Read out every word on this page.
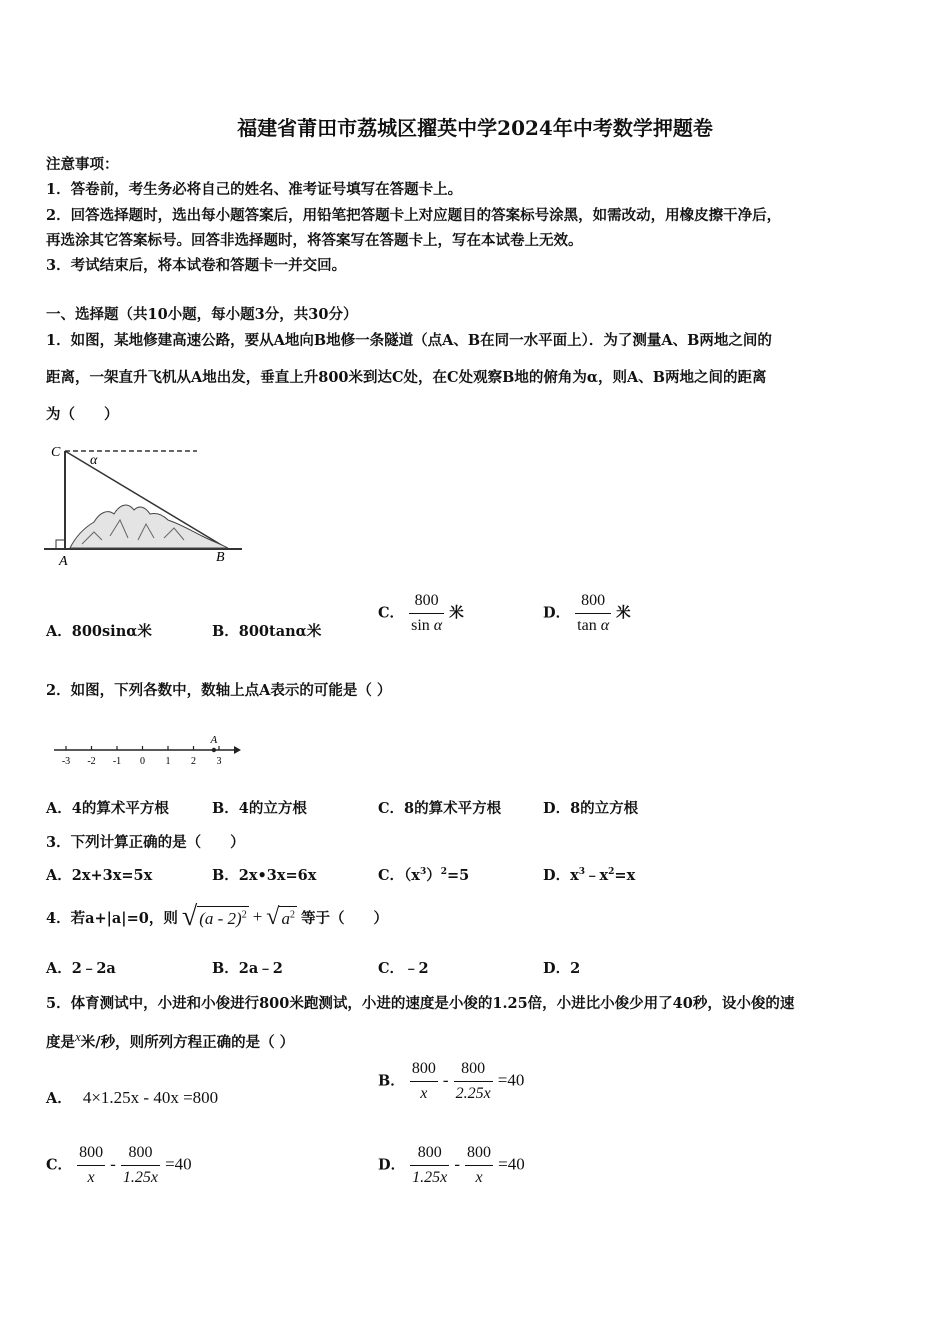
福建省莆田市荔城区擢英中学2024年中考数学押题卷
注意事项：
1．答卷前，考生务必将自己的姓名、准考证号填写在答题卡上。
2．回答选择题时，选出每小题答案后，用铅笔把答题卡上对应题目的答案标号涂黑，如需改动，用橡皮擦干净后，
再选涂其它答案标号。回答非选择题时，将答案写在答题卡上，写在本试卷上无效。
3．考试结束后，将本试卷和答题卡一并交回。
一、选择题（共10小题，每小题3分，共30分）
1．如图，某地修建高速公路，要从A地向B地修一条隧道（点A、B在同一水平面上）．为了测量A、B两地之间的
距离，一架直升飞机从A地出发，垂直上升800米到达C处，在C处观察B地的俯角为α，则A、B两地之间的距离
为（　　）
C
α
A	B
A．800sinα米	B．800tanα米
C． $\frac{800}{\text{sin α}}$ 米	D． $\frac{800}{\text{tan α}}$ 米
2．如图，下列各数中，数轴上点A表示的可能是（ ）
-3 -2 -1 0 1 2 3
A
A．4的算术平方根	B．4的立方根	C．8的算术平方根	D．8的立方根
3．下列计算正确的是（　　）
A．2x+3x=5x	B．2x•3x=6x	C．$(x^3)^2=5$	D．$x^3﹣x^2=x$
4．若a+|a|=0，则 √ (a - 2)$^2$ + √ $a^2$ 等于（　　）
A．2﹣2a	B．2a﹣2	C．﹣2	D．2
5．体育测试中，小进和小俊进行800米跑测试，小进的速度是小俊的1.25倍，小进比小俊少用了40秒，设小俊的速
度是x米/秒，则所列方程正确的是（ ）
A． 4×1.25x - 40x =800
B． $\frac{800}{x} - \frac{800}{2.25x} =40$
C． $\frac{800}{x} - \frac{800}{1.25x} =40$	D． $\frac{800}{1.25x} - \frac{800}{x} =40$
